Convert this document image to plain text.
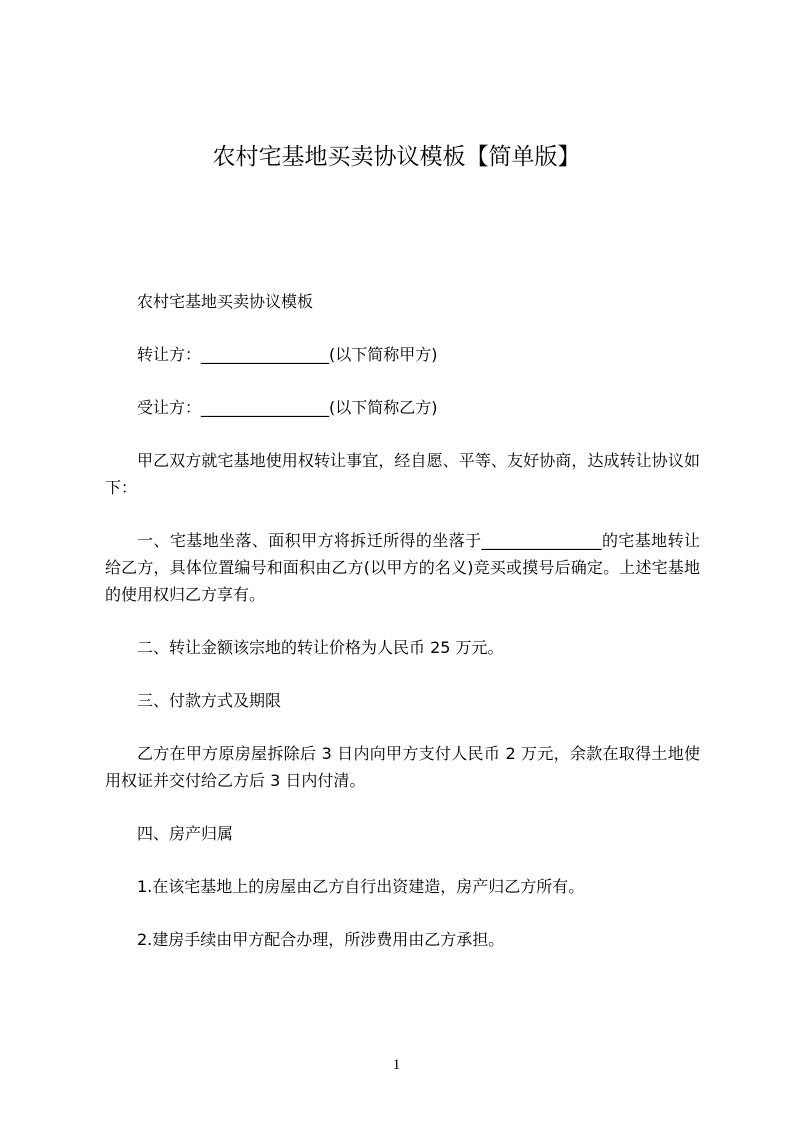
农村宅基地买卖协议模板【简单版】

农村宅基地买卖协议模板

转让方：________________(以下简称甲方)

受让方：________________(以下简称乙方)

甲乙双方就宅基地使用权转让事宜，经自愿、平等、友好协商，达成转让协议如下：

一、宅基地坐落、面积甲方将拆迁所得的坐落于_______________的宅基地转让给乙方，具体位置编号和面积由乙方(以甲方的名义)竞买或摸号后确定。上述宅基地的使用权归乙方享有。

二、转让金额该宗地的转让价格为人民币 25 万元。

三、付款方式及期限

乙方在甲方原房屋拆除后 3 日内向甲方支付人民币 2 万元，余款在取得土地使用权证并交付给乙方后 3 日内付清。

四、房产归属

1.在该宅基地上的房屋由乙方自行出资建造，房产归乙方所有。

2.建房手续由甲方配合办理，所涉费用由乙方承担。

1
